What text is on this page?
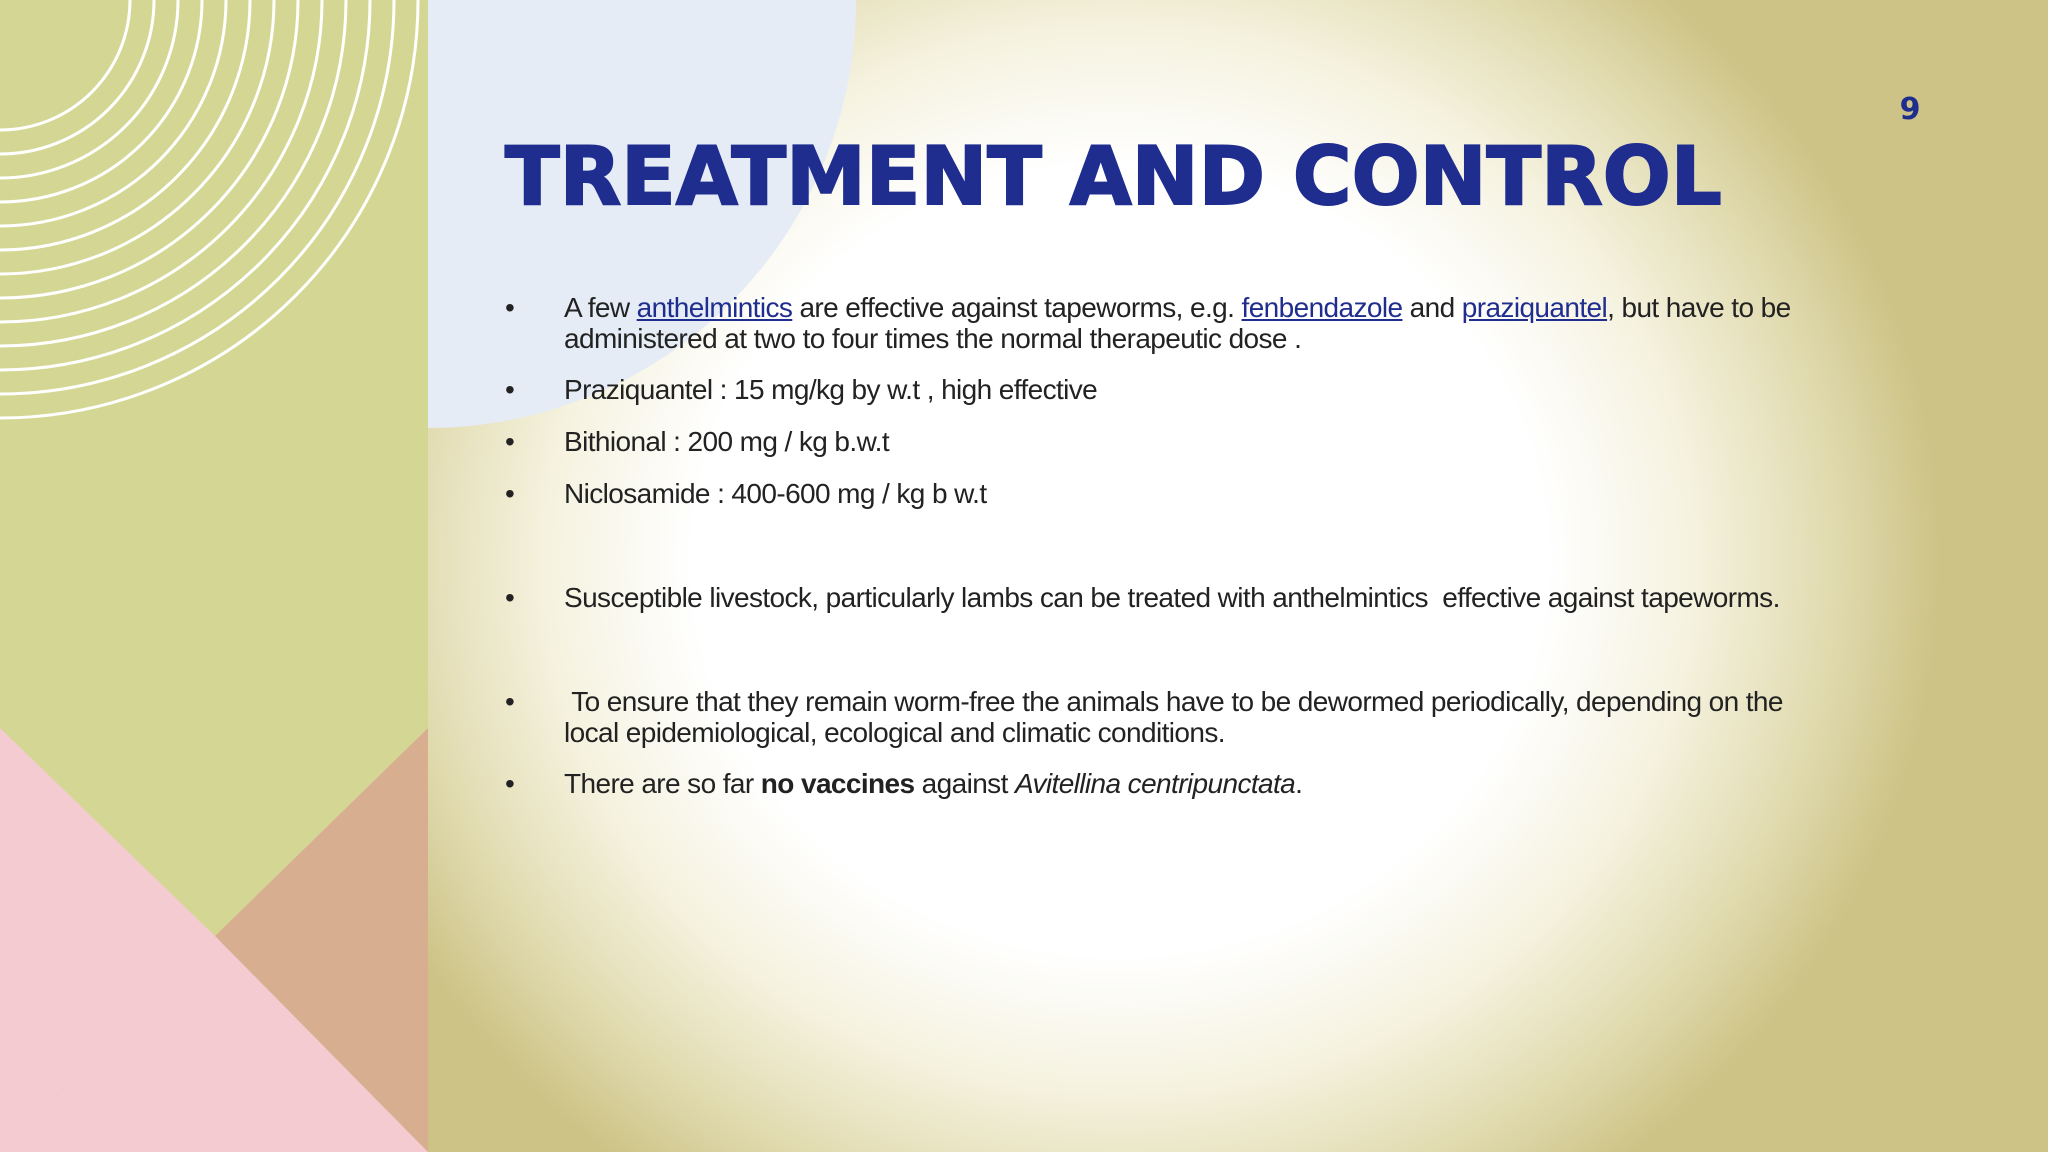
9
TREATMENT AND CONTROL
•	A few anthelmintics are effective against tapeworms, e.g. fenbendazole and praziquantel, but have to be administered at two to four times the normal therapeutic dose .
•	Praziquantel : 15 mg/kg by w.t , high effective
•	Bithional : 200 mg / kg b.w.t
•	Niclosamide : 400-600 mg / kg b w.t
•	Susceptible livestock, particularly lambs can be treated with anthelmintics  effective against tapeworms.
•	To ensure that they remain worm-free the animals have to be dewormed periodically, depending on the local epidemiological, ecological and climatic conditions.
•	There are so far no vaccines against Avitellina centripunctata.
